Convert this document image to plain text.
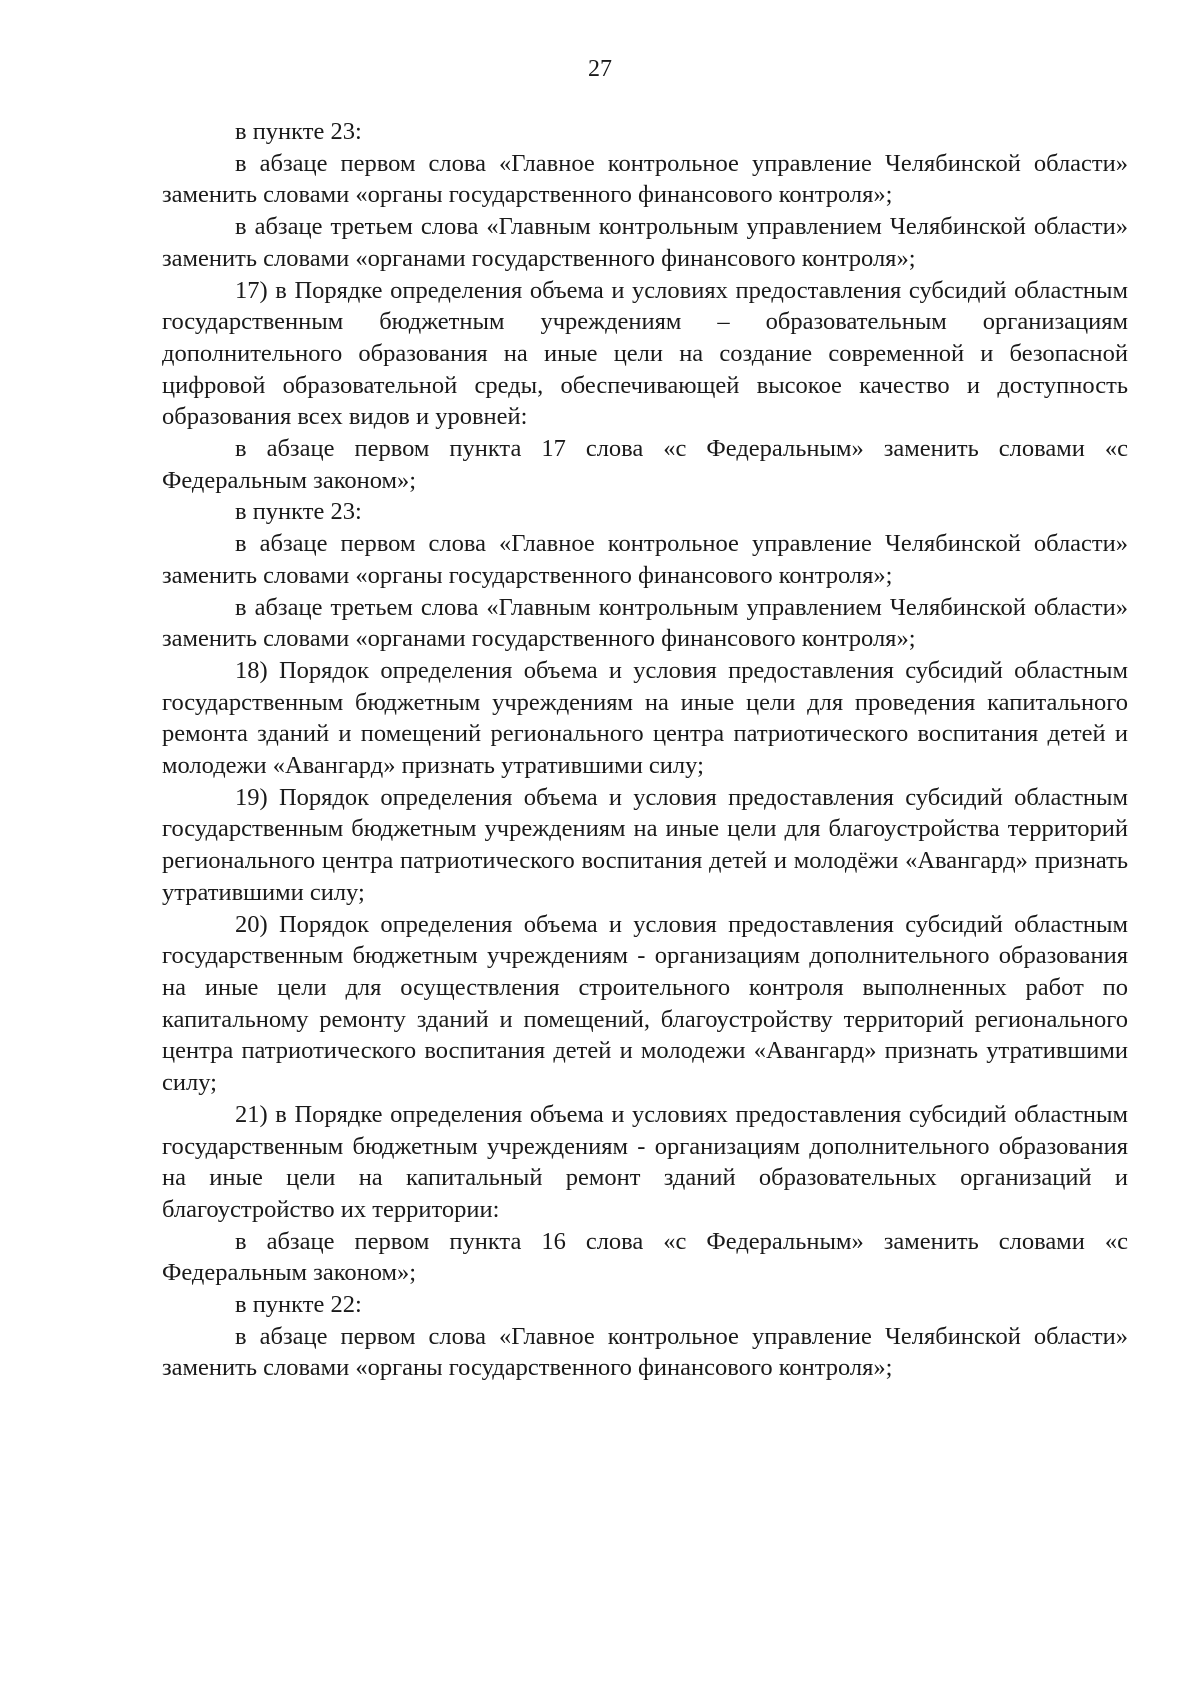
27

в пункте 23:

в абзаце первом слова «Главное контрольное управление Челябинской области» заменить словами «органы государственного финансового контроля»;

в абзаце третьем слова «Главным контрольным управлением Челябинской области» заменить словами «органами государственного финансового контроля»;

17) в Порядке определения объема и условиях предоставления субсидий областным государственным бюджетным учреждениям – образовательным организациям дополнительного образования на иные цели на создание современной и безопасной цифровой образовательной среды, обеспечивающей высокое качество и доступность образования всех видов и уровней:

в абзаце первом пункта 17 слова «с Федеральным» заменить словами «с Федеральным законом»;

в пункте 23:

в абзаце первом слова «Главное контрольное управление Челябинской области» заменить словами «органы государственного финансового контроля»;

в абзаце третьем слова «Главным контрольным управлением Челябинской области» заменить словами «органами государственного финансового контроля»;

18) Порядок определения объема и условия предоставления субсидий областным государственным бюджетным учреждениям на иные цели для проведения капитального ремонта зданий и помещений регионального центра патриотического воспитания детей и молодежи «Авангард» признать утратившими силу;

19) Порядок определения объема и условия предоставления субсидий областным государственным бюджетным учреждениям на иные цели для благоустройства территорий регионального центра патриотического воспитания детей и молодёжи «Авангард» признать утратившими силу;

20) Порядок определения объема и условия предоставления субсидий областным государственным бюджетным учреждениям - организациям дополнительного образования на иные цели для осуществления строительного контроля выполненных работ по капитальному ремонту зданий и помещений, благоустройству территорий регионального центра патриотического воспитания детей и молодежи «Авангард» признать утратившими силу;

21) в Порядке определения объема и условиях предоставления субсидий областным государственным бюджетным учреждениям - организациям дополнительного образования на иные цели на капитальный ремонт зданий образовательных организаций и благоустройство их территории:

в абзаце первом пункта 16 слова «с Федеральным» заменить словами «с Федеральным законом»;

в пункте 22:

в абзаце первом слова «Главное контрольное управление Челябинской области» заменить словами «органы государственного финансового контроля»;
